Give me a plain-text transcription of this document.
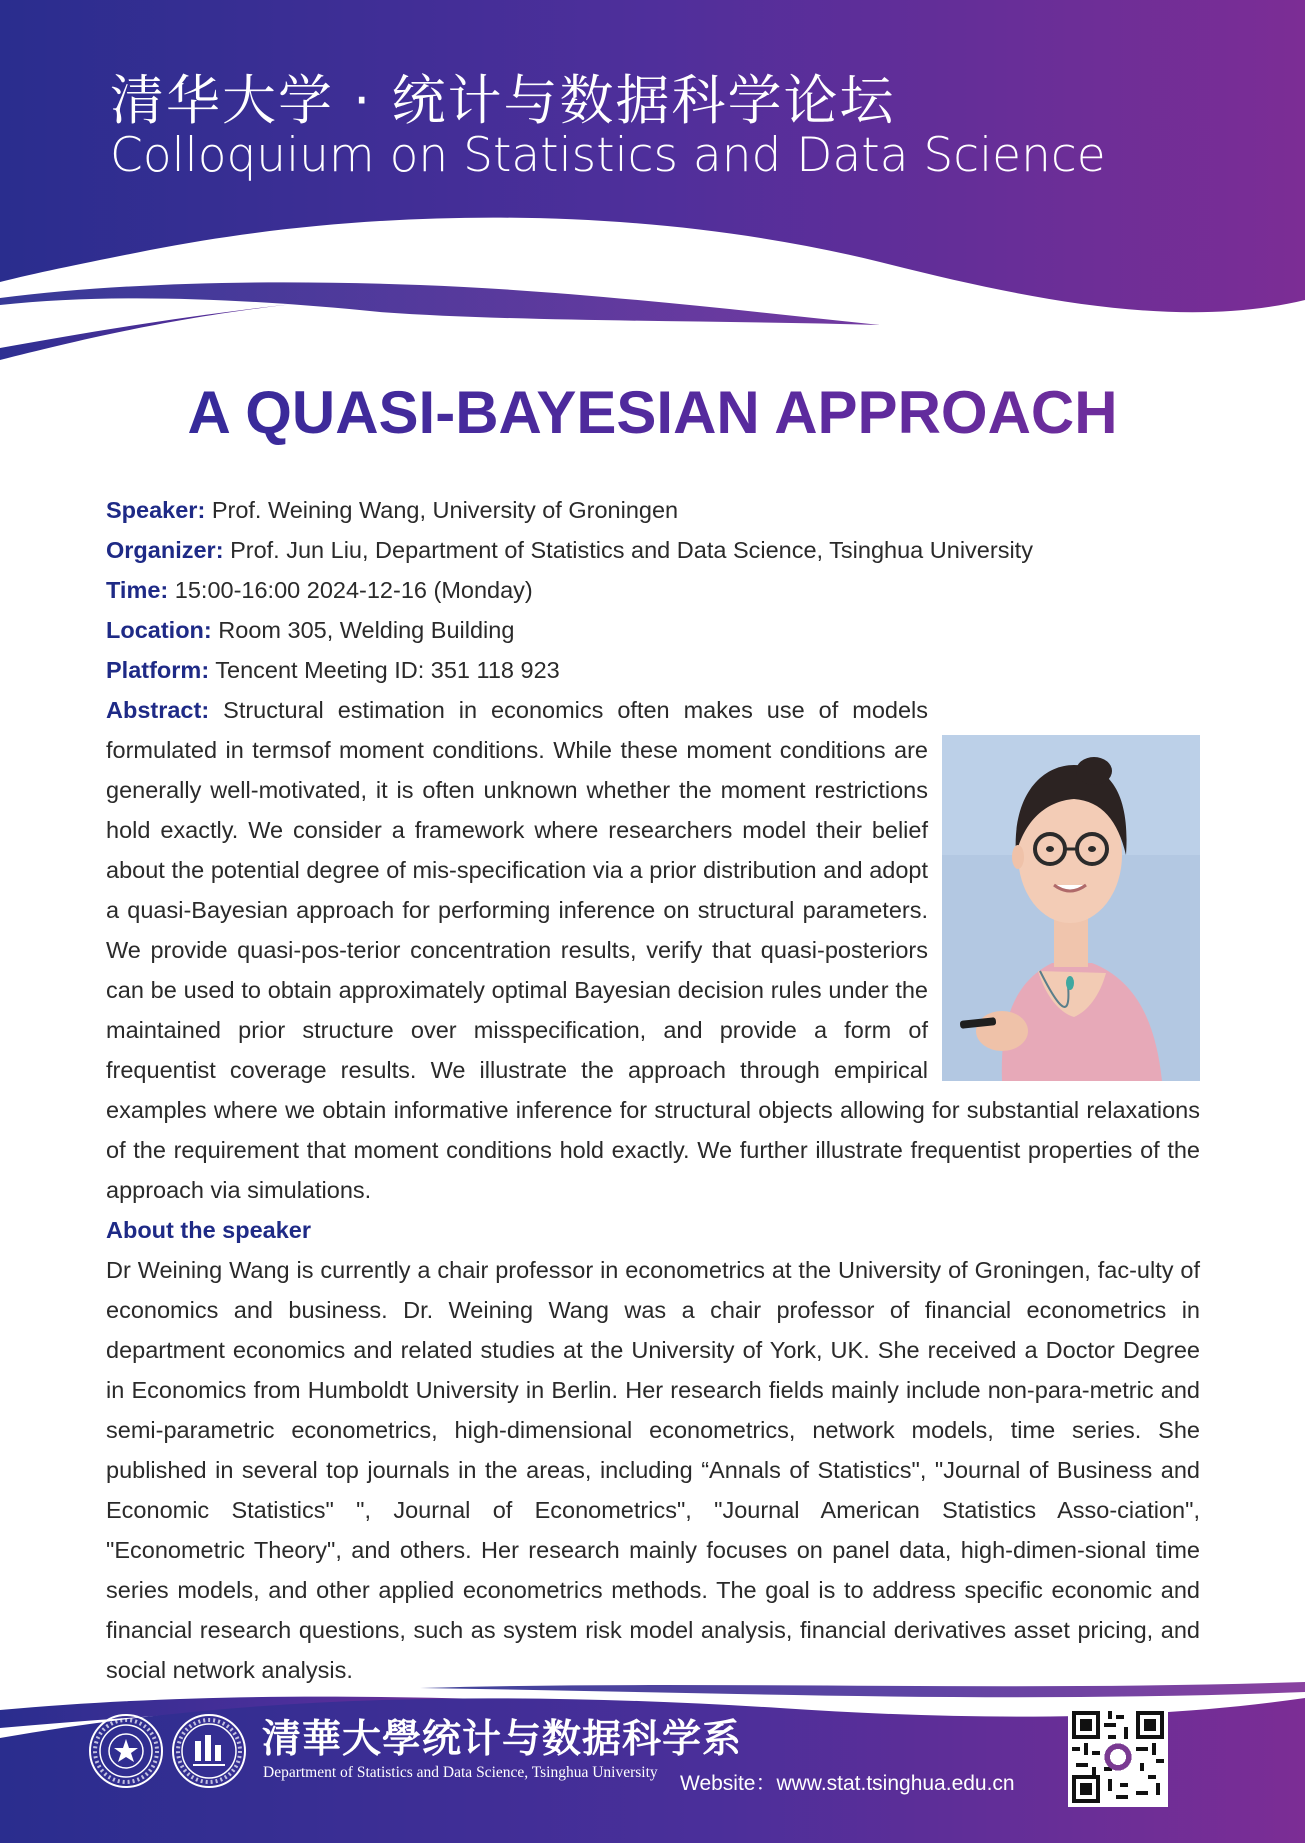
清华大学 · 统计与数据科学论坛
Colloquium on Statistics and Data Science
A QUASI-BAYESIAN APPROACH
Speaker: Prof. Weining Wang, University of Groningen
Organizer: Prof. Jun Liu, Department of Statistics and Data Science, Tsinghua University
Time: 15:00-16:00 2024-12-16 (Monday)
Location: Room 305, Welding Building
Platform: Tencent Meeting ID: 351 118 923

Abstract: Structural estimation in economics often makes use of models formulated in termsof moment conditions. While these moment conditions are generally well-motivated, it is often unknown whether the moment restrictions hold exactly. We consider a framework where researchers model their belief about the potential degree of mis-specification via a prior distribution and adopt a quasi-Bayesian approach for performing inference on structural parameters. We provide quasi-pos-terior concentration results, verify that quasi-posteriors can be used to obtain approximately optimal Bayesian decision rules under the maintained prior structure over misspecification, and provide a form of frequentist coverage results. We illustrate the approach through empirical examples where we obtain informative inference for structural objects allowing for substantial relaxations of the requirement that moment conditions hold exactly. We further illustrate frequentist properties of the approach via simulations.

About the speaker

Dr Weining Wang is currently a chair professor in econometrics at the University of Groningen, fac-ulty of economics and business. Dr. Weining Wang was a chair professor of financial econometrics in department economics and related studies at the University of York, UK. She received a Doctor Degree in Economics from Humboldt University in Berlin. Her research fields mainly include non-para-metric and semi-parametric econometrics, high-dimensional econometrics, network models, time series. She published in several top journals in the areas, including “Annals of Statistics", "Journal of Business and Economic Statistics" ", Journal of Econometrics", "Journal American Statistics Asso-ciation", "Econometric Theory", and others. Her research mainly focuses on panel data, high-dimen-sional time series models, and other applied econometrics methods. The goal is to address specific economic and financial research questions, such as system risk model analysis, financial derivatives asset pricing, and social network analysis.

清華大學统计与数据科学系
Department of Statistics and Data Science, Tsinghua University Website：www.stat.tsinghua.edu.cn
